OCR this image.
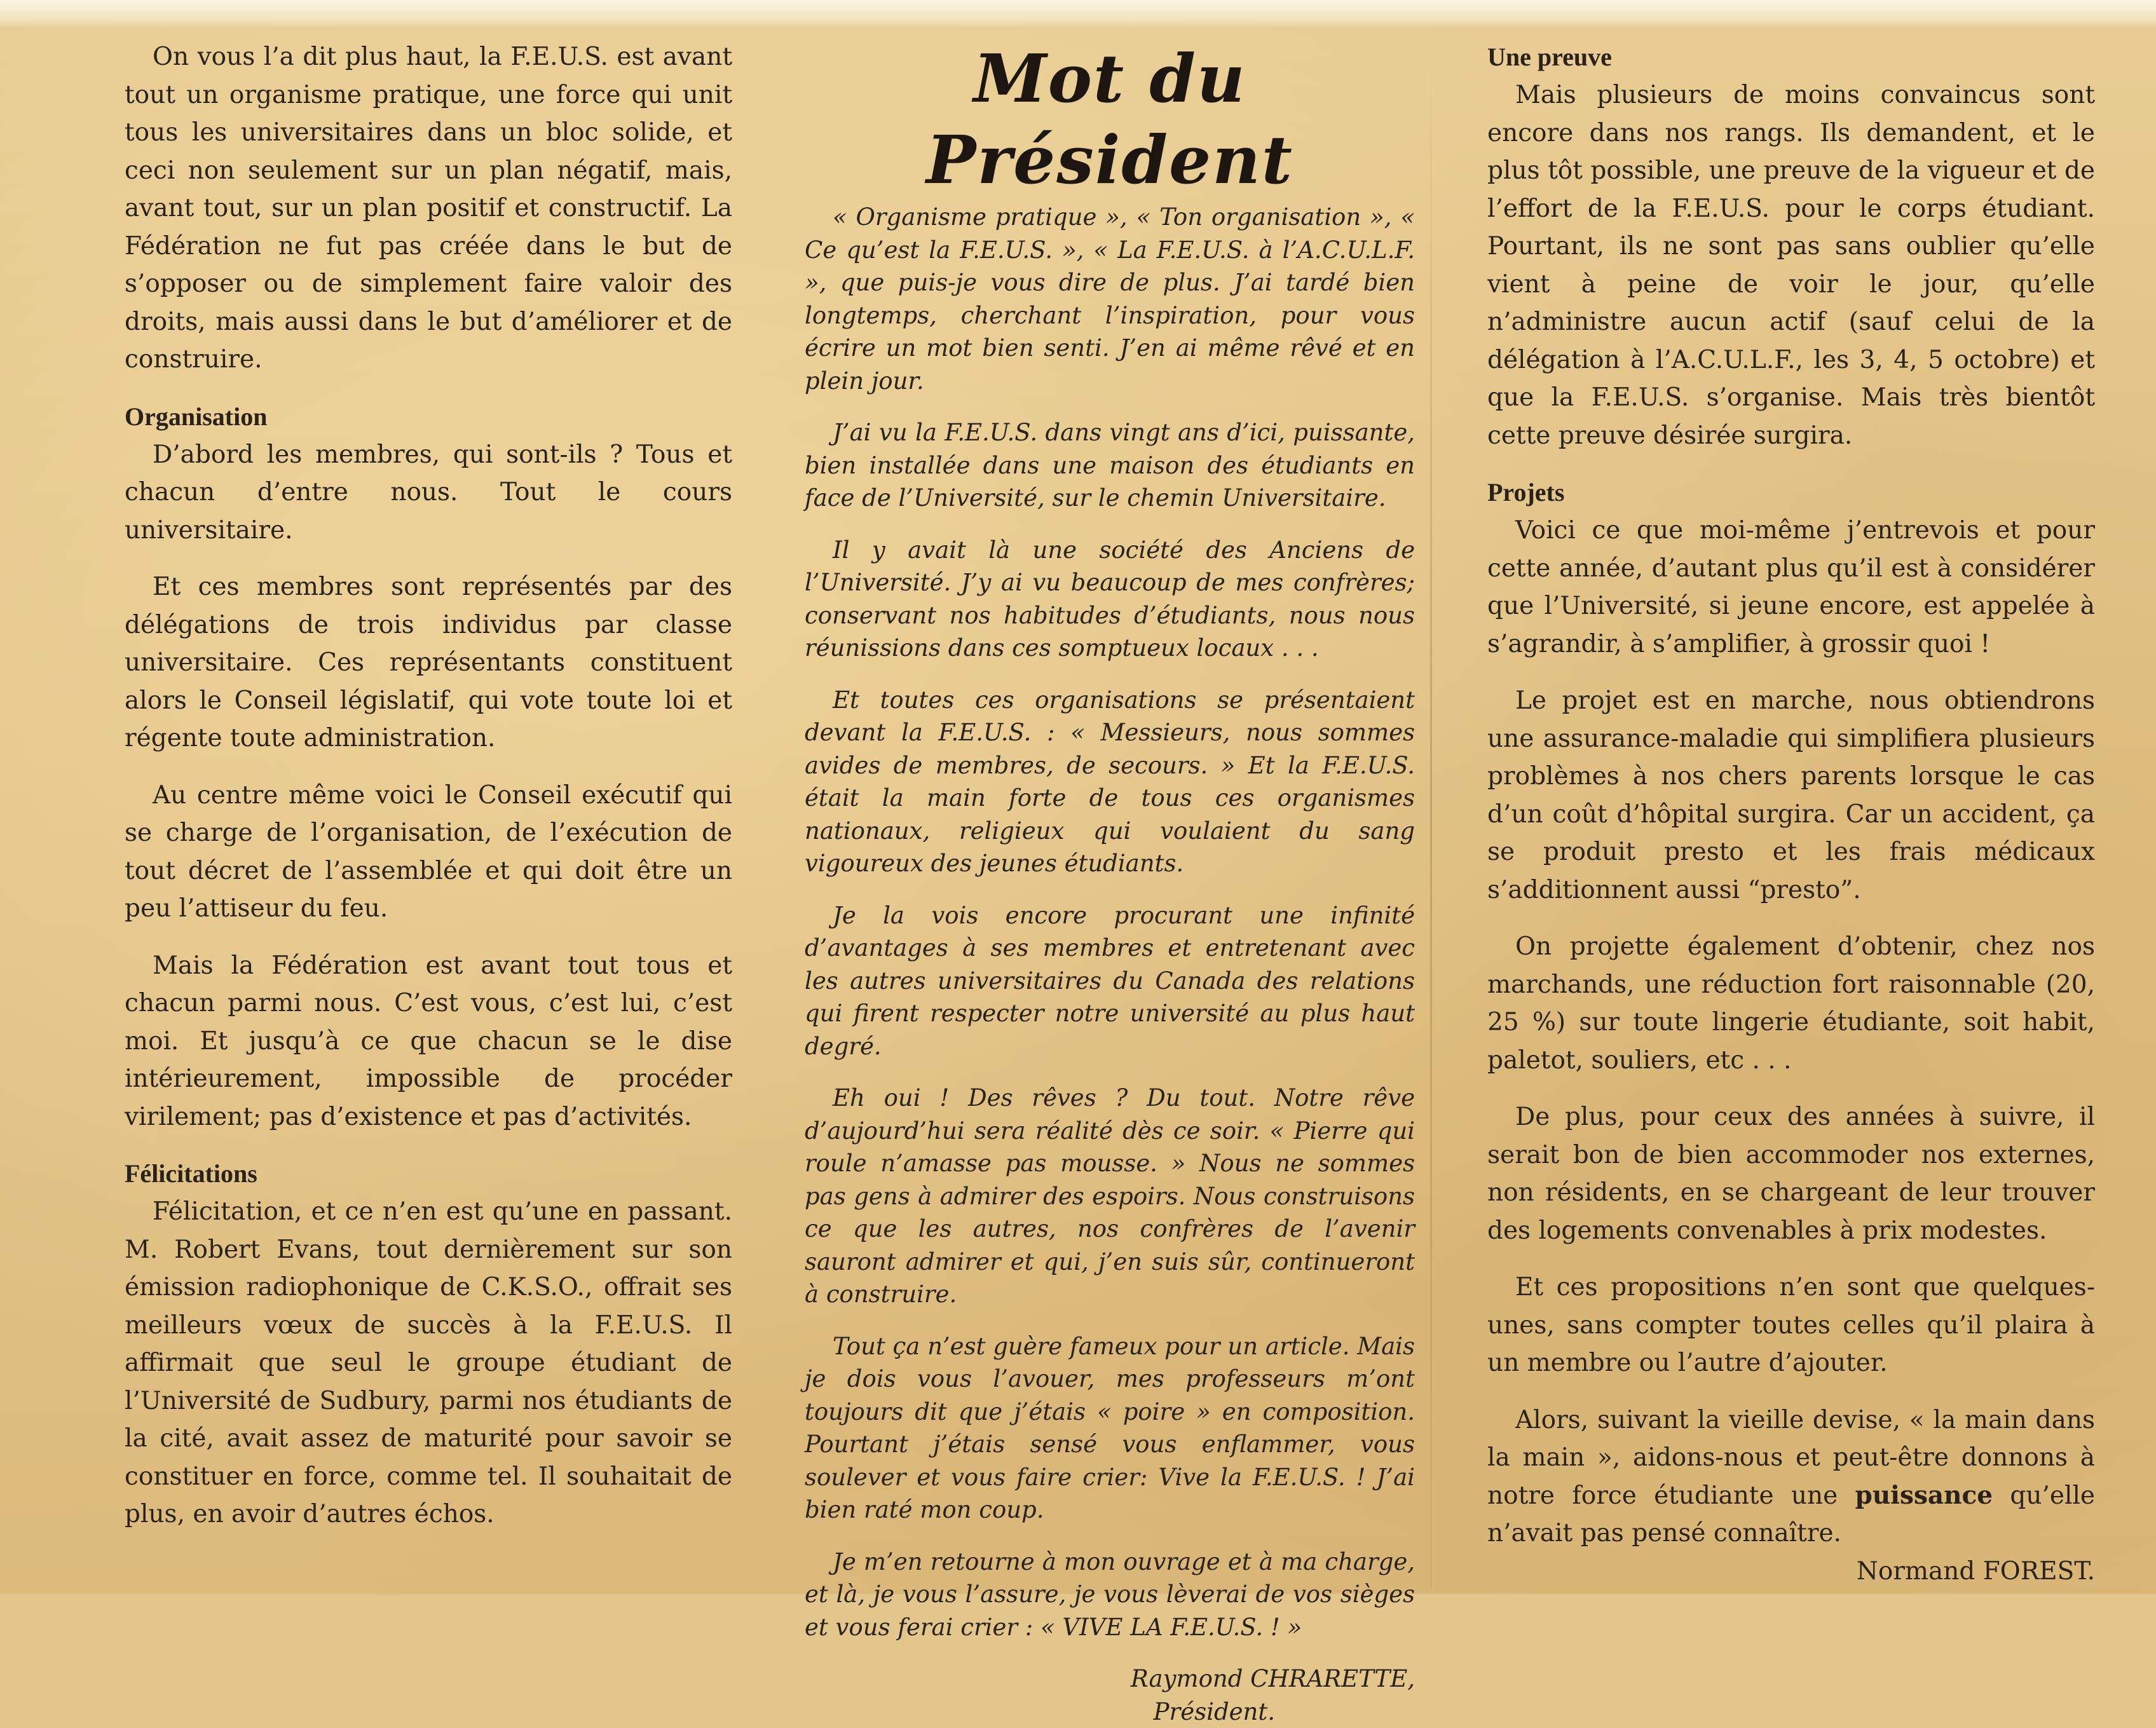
On vous l’a dit plus haut, la F.E.U.S. est avant tout un organisme pratique, une force qui unit tous les universitaires dans un bloc solide, et ceci non seulement sur un plan négatif, mais, avant tout, sur un plan positif et constructif. La Fédération ne fut pas créée dans le but de s’opposer ou de simplement faire valoir des droits, mais aussi dans le but d’améliorer et de construire.

Organisation

D’abord les membres, qui sont-ils ? Tous et chacun d’entre nous. Tout le cours universitaire.

Et ces membres sont représentés par des délégations de trois individus par classe universitaire. Ces représentants constituent alors le Conseil législatif, qui vote toute loi et régente toute administration.

Au centre même voici le Conseil exécutif qui se charge de l’organisation, de l’exécution de tout décret de l’assemblée et qui doit être un peu l’attiseur du feu.

Mais la Fédération est avant tout tous et chacun parmi nous. C’est vous, c’est lui, c’est moi. Et jusqu’à ce que chacun se le dise intérieurement, impossible de procéder virilement; pas d’existence et pas d’activités.

Félicitations

Félicitation, et ce n’en est qu’une en passant. M. Robert Evans, tout dernièrement sur son émission radiophonique de C.K.S.O., offrait ses meilleurs vœux de succès à la F.E.U.S. Il affirmait que seul le groupe étudiant de l’Université de Sudbury, parmi nos étudiants de la cité, avait assez de maturité pour savoir se constituer en force, comme tel. Il souhaitait de plus, en avoir d’autres échos.

Mot du Président

« Organisme pratique », « Ton organisation », « Ce qu’est la F.E.U.S. », « La F.E.U.S. à l’A.C.U.L.F. », que puis-je vous dire de plus. J’ai tardé bien longtemps, cherchant l’inspiration, pour vous écrire un mot bien senti. J’en ai même rêvé et en plein jour.

J’ai vu la F.E.U.S. dans vingt ans d’ici, puissante, bien installée dans une maison des étudiants en face de l’Université, sur le chemin Universitaire.

Il y avait là une société des Anciens de l’Université. J’y ai vu beaucoup de mes confrères; conservant nos habitudes d’étudiants, nous nous réunissions dans ces somptueux locaux . . .

Et toutes ces organisations se présentaient devant la F.E.U.S. : « Messieurs, nous sommes avides de membres, de secours. » Et la F.E.U.S. était la main forte de tous ces organismes nationaux, religieux qui voulaient du sang vigoureux des jeunes étudiants.

Je la vois encore procurant une infinité d’avantages à ses membres et entretenant avec les autres universitaires du Canada des relations qui firent respecter notre université au plus haut degré.

Eh oui ! Des rêves ? Du tout. Notre rêve d’aujourd’hui sera réalité dès ce soir. « Pierre qui roule n’amasse pas mousse. » Nous ne sommes pas gens à admirer des espoirs. Nous construisons ce que les autres, nos confrères de l’avenir sauront admirer et qui, j’en suis sûr, continueront à construire.

Tout ça n’est guère fameux pour un article. Mais je dois vous l’avouer, mes professeurs m’ont toujours dit que j’étais « poire » en composition. Pourtant j’étais sensé vous enflammer, vous soulever et vous faire crier: Vive la F.E.U.S. ! J’ai bien raté mon coup.

Je m’en retourne à mon ouvrage et à ma charge, et là, je vous l’assure, je vous lèverai de vos sièges et vous ferai crier : « VIVE LA F.E.U.S. ! »

Raymond CHRARETTE,

Président.

Une preuve

Mais plusieurs de moins convaincus sont encore dans nos rangs. Ils demandent, et le plus tôt possible, une preuve de la vigueur et de l’effort de la F.E.U.S. pour le corps étudiant. Pourtant, ils ne sont pas sans oublier qu’elle vient à peine de voir le jour, qu’elle n’administre aucun actif (sauf celui de la délégation à l’A.C.U.L.F., les 3, 4, 5 octobre) et que la F.E.U.S. s’organise. Mais très bientôt cette preuve désirée surgira.

Projets

Voici ce que moi-même j’entrevois et pour cette année, d’autant plus qu’il est à considérer que l’Université, si jeune encore, est appelée à s’agrandir, à s’amplifier, à grossir quoi !

Le projet est en marche, nous obtiendrons une assurance-maladie qui simplifiera plusieurs problèmes à nos chers parents lorsque le cas d’un coût d’hôpital surgira. Car un accident, ça se produit presto et les frais médicaux s’additionnent aussi “presto”.

On projette également d’obtenir, chez nos marchands, une réduction fort raisonnable (20, 25 %) sur toute lingerie étudiante, soit habit, paletot, souliers, etc . . .

De plus, pour ceux des années à suivre, il serait bon de bien accommoder nos externes, non résidents, en se chargeant de leur trouver des logements convenables à prix modestes.

Et ces propositions n’en sont que quelques-unes, sans compter toutes celles qu’il plaira à un membre ou l’autre d’ajouter.

Alors, suivant la vieille devise, « la main dans la main », aidons-nous et peut-être donnons à notre force étudiante une puissance qu’elle n’avait pas pensé connaître.

Normand FOREST.
